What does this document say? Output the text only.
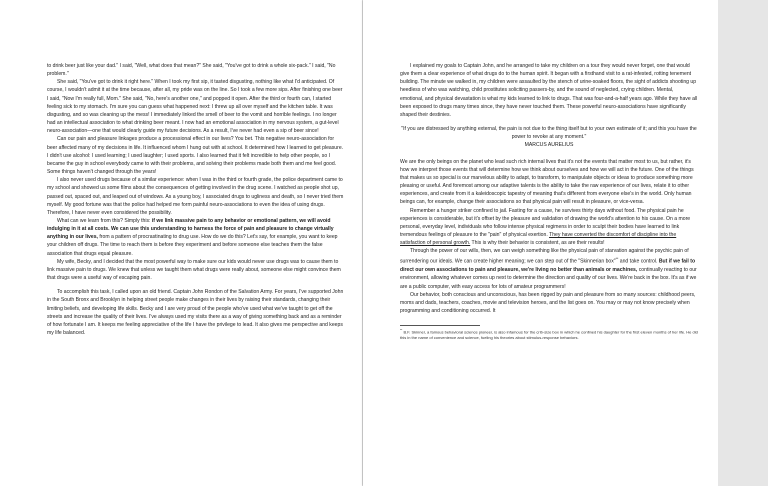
to drink beer just like your dad." I said, "Well, what does that mean?" She said, "You've got to drink a whole six-pack." I said, "No problem."

She said, "You've got to drink it right here." When I took my first sip, it tasted disgusting, nothing like what I'd anticipated. Of course, I wouldn't admit it at the time because, after all, my pride was on the line. So I took a few more sips. After finishing one beer I said, "Now I'm really full, Mom." She said, "No, here's another one," and popped it open. After the third or fourth can, I started feeling sick to my stomach. I'm sure you can guess what happened next: I threw up all over myself and the kitchen table. It was disgusting, and so was cleaning up the mess! I immediately linked the smell of beer to the vomit and horrible feelings. I no longer had an intellectual association to what drinking beer meant. I now had an emotional association in my nervous system, a gut-level neuro-association—one that would clearly guide my future decisions. As a result, I've never had even a sip of beer since!

Can our pain and pleasure linkages produce a processional effect in our lives? You bet. This negative neuro-association for beer affected many of my decisions in life. It influenced whom I hung out with at school. It determined how I learned to get pleasure. I didn't use alcohol: I used learning; I used laughter; I used sports. I also learned that it felt incredible to help other people, so I became the guy in school everybody came to with their problems, and solving their problems made both them and me feel good. Some things haven't changed through the years!

I also never used drugs because of a similar experience: when I was in the third or fourth grade, the police department came to my school and showed us some films about the consequences of getting involved in the drug scene. I watched as people shot up, passed out, spaced out, and leaped out of windows. As a young boy, I associated drugs to ugliness and death, so I never tried them myself. My good fortune was that the police had helped me form painful neuro-associations to even the idea of using drugs. Therefore, I have never even considered the possibility.

What can we learn from this? Simply this: if we link massive pain to any behavior or emotional pattern, we will avoid indulging in it at all costs. We can use this understanding to harness the force of pain and pleasure to change virtually anything in our lives, from a pattern of procrastinating to drug use. How do we do this? Let's say, for example, you want to keep your children off drugs. The time to reach them is before they experiment and before someone else teaches them the false association that drugs equal pleasure.

My wife, Becky, and I decided that the most powerful way to make sure our kids would never use drugs was to cause them to link massive pain to drugs. We knew that unless we taught them what drugs were really about, someone else might convince them that drugs were a useful way of escaping pain.

To accomplish this task, I called upon an old friend. Captain John Rondon of the Salvation Army. For years, I've supported John in the South Bronx and Brooklyn in helping street people make changes in their lives by raising their standards, changing their limiting beliefs, and developing life skills. Becky and I are very proud of the people who've used what we've taught to get off the streets and increase the quality of their lives. I've always used my visits there as a way of giving something back and as a reminder of how fortunate I am. It keeps me feeling appreciative of the life I have the privilege to lead. It also gives me perspective and keeps my life balanced.

I explained my goals to Captain John, and he arranged to take my children on a tour they would never forget, one that would give them a clear experience of what drugs do to the human spirit. It began with a firsthand visit to a rat-infested, rotting tenement building. The minute we walked in, my children were assaulted by the stench of urine-soaked floors, the sight of addicts shooting up heedless of who was watching, child prostitutes soliciting passers-by, and the sound of neglected, crying children. Mental, emotional, and physical devastation is what my kids learned to link to drugs. That was four-and-a-half years ago. While they have all been exposed to drugs many times since, they have never touched them. These powerful neuro-associations have significantly shaped their destinies.

"If you are distressed by anything external, the pain is not due to the thing itself but to your own estimate of it; and this you have the power to revoke at any moment."
MARCUS AURELIUS

We are the only beings on the planet who lead such rich internal lives that it's not the events that matter most to us, but rather, it's how we interpret those events that will determine how we think about ourselves and how we will act in the future. One of the things that makes us so special is our marvelous ability to adapt, to transform, to manipulate objects or ideas to produce something more pleasing or useful. And foremost among our adaptive talents is the ability to take the raw experience of our lives, relate it to other experiences, and create from it a kaleidoscopic tapestry of meaning that's different from everyone else's in the world. Only human beings can, for example, change their associations so that physical pain will result in pleasure, or vice-versa.

Remember a hunger striker confined to jail. Fasting for a cause, he survives thirty days without food. The physical pain he experiences is considerable, but it's offset by the pleasure and validation of drawing the world's attention to his cause. On a more personal, everyday level, individuals who follow intense physical regimens in order to sculpt their bodies have learned to link tremendous feelings of pleasure to the "pain" of physical exertion. They have converted the discomfort of discipline into the satisfaction of personal growth. This is why their behavior is consistent, as are their results!

Through the power of our wills, then, we can weigh something like the physical pain of starvation against the psychic pain of surrendering our ideals. We can create higher meaning; we can step out of the "Skinnerian box"** and take control. But if we fail to direct our own associations to pain and pleasure, we're living no better than animals or machines, continually reacting to our environment, allowing whatever comes up next to determine the direction and quality of our lives. We're back in the box. It's as if we are a public computer, with easy access for lots of amateur programmers!

Our behavior, both conscious and unconscious, has been rigged by pain and pleasure from so many sources: childhood peers, moms and dads, teachers, coaches, movie and television heroes, and the list goes on. You may or may not know precisely when programming and conditioning occurred. It

** B.F. Skinner, a famous behavioral science pioneer, is also infamous for the crib-size box in which he confined his daughter for the first eleven months of her life. He did this in the name of convenience and science, fueling his theories about stimulus-response behaviors.
